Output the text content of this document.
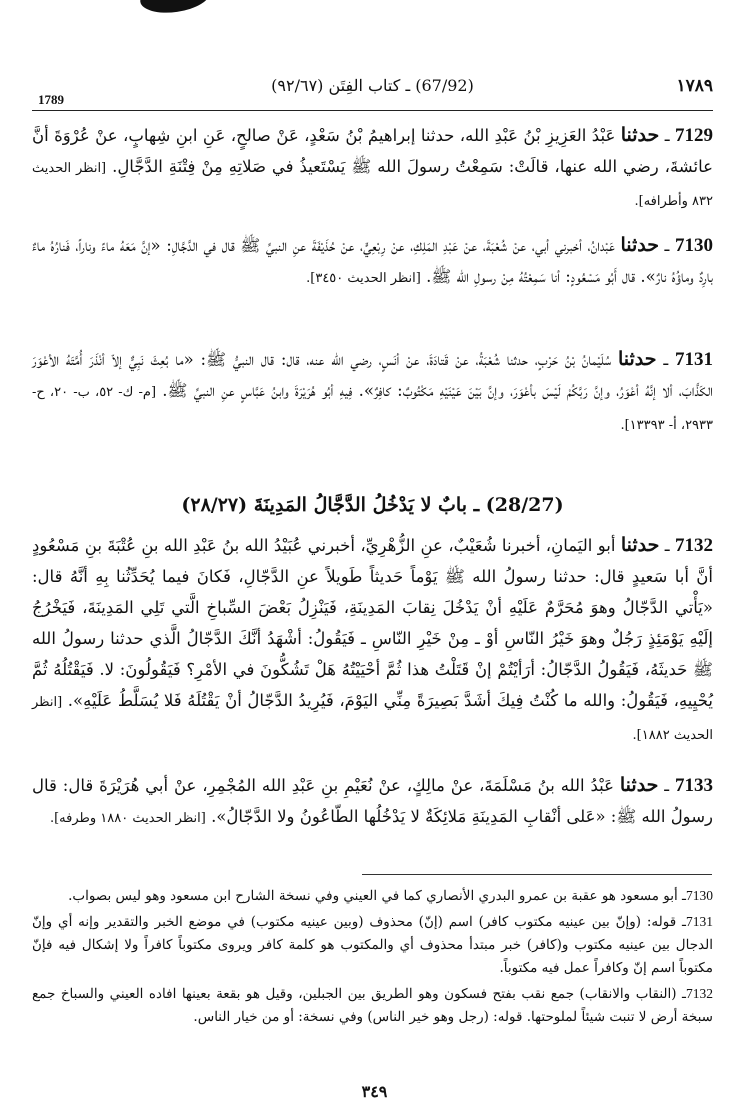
1789
(67/92) ـ كتاب الفِتَن (٩٢/٦٧)	١٧٨٩
7129 ـ حدثنا عَبْدُ العَزِيزِ بْنُ عَبْدِ الله، حدثنا إبراهيمُ بْنُ سَعْدٍ، عَنْ صالحٍ، عَنِ ابنِ شِهابٍ، عنْ عُرْوَةَ أنَّ عائشةَ، رضي الله عنها، قالَتْ: سَمِعْتُ رسولَ الله ﷺ يَسْتَعيذُ في صَلاتِهِ مِنْ فِتْنَةِ الدَّجَّالِ. [انظر الحديث ٨٣٢ وأطرافه].
7130 ـ حدثنا عَبْدانُ، أخبرني أبي، عنْ شُعْبَةَ، عنْ عَبْدِ المَلِكِ، عنْ رِبْعِيٍّ، عنْ حُذَيْفَةَ عنِ النبيِّ ﷺ قال في الدَّجَّالِ: «إنَّ مَعَهُ ماءً وناراً، فَنارُهُ ماءٌ بارِدٌ وماؤُهُ نارٌ». قال أَبُو مَسْعُودٍ: أنا سَمِعْتُهُ مِنْ رسولِ الله ﷺ. [انظر الحديث ٣٤٥٠].
7131 ـ حدثنا سُلَيْمانُ بْنُ حَرْبٍ، حدثنا شُعْبَةُ، عنْ قَتادَةَ، عنْ أنَسٍ، رضي الله عنه، قال: قال النبيُّ ﷺ: «ما بُعِثَ نَبِيٌّ إلاّ أنْذَرَ أُمَّتَهُ الأعْوَرَ الكَذَّابَ، ألا إنَّهُ أعْوَرُ، وإنَّ رَبَّكُمْ لَيْسَ بأعْوَرَ، وإنَّ بَيْنَ عَيْنَيْهِ مَكْتُوبٌ: كافِرٌ». فِيهِ أبُو هُرَيْرَةَ وابنُ عَبَّاسٍ عنِ النبيِّ ﷺ. [م- ك- ٥٢، ب- ٢٠، ح- ٢٩٣٣، أ- ١٣٣٩٣].
(28/27) ـ بابٌ لا يَدْخُلُ الدَّجَّالُ المَدِينَةَ (٢٨/٢٧)
7132 ـ حدثنا أبو اليَمانِ، أخبرنا شُعَيْبٌ، عنِ الزُّهْرِيِّ، أخبرني عُبَيْدُ الله بنُ عَبْدِ الله بنِ عُتْبَةَ بنِ مَسْعُودٍ أنَّ أبا سَعيدٍ قال: حدثنا رسولُ الله ﷺ يَوْماً حَديثاً طَويلاً عنِ الدَّجّالِ، فَكانَ فيما يُحَدِّثُنا بِهِ أنَّهُ قال: «يَأْتي الدَّجّالُ وهوَ مُحَرَّمٌ عَلَيْهِ أنْ يَدْخُلَ نِقابَ المَدِينَةِ، فَيَنْزِلُ بَعْضَ السِّباخِ الَّتي تَلِي المَدِينَةَ، فَيَخْرُجُ إلَيْهِ يَوْمَئِذٍ رَجُلٌ وهوَ خَيْرُ النّاسِ أوْ ـ مِنْ خَيْرِ النّاسِ ـ فَيَقُولُ: أشْهَدُ أنَّكَ الدَّجّالُ الَّذي حدثنا رسولُ الله ﷺ حَديثَهُ، فَيَقُولُ الدَّجّالُ: أرَأيْتُمْ إنْ قَتَلْتُ هذا ثُمَّ أحْيَيْتُهُ هَلْ تَشُكُّونَ في الأمْرِ؟ فَيَقُولُونَ: لا. فَيَقْتُلُهُ ثُمَّ يُحْيِيهِ، فَيَقُولُ: والله ما كُنْتُ فِيكَ أشَدَّ بَصِيرَةً مِنِّي اليَوْمَ، فَيُرِيدُ الدَّجّالُ أنْ يَقْتُلَهُ فَلا يُسَلَّطُ عَلَيْهِ». [انظر الحديث ١٨٨٢].
7133 ـ حدثنا عَبْدُ الله بنُ مَسْلَمَةَ، عنْ مالِكٍ، عنْ نُعَيْمِ بنِ عَبْدِ الله المُجْمِرِ، عنْ أبي هُرَيْرَةَ قال: قال رسولُ الله ﷺ: «عَلى أنْقابِ المَدِينَةِ مَلائِكَةٌ لا يَدْخُلُها الطّاعُونُ ولا الدَّجّالُ». [انظر الحديث ١٨٨٠ وطرفه].

7130ـ أبو مسعود هو عقبة بن عمرو البدري الأنصاري كما في العيني وفي نسخة الشارح ابن مسعود وهو ليس بصواب.

7131ـ قوله: (وإنّ بين عينيه مكتوب كافر) اسم (إنّ) محذوف (وبين عينيه مكتوب) في موضع الخبر والتقدير وإنه أي وإنّ الدجال بين عينيه مكتوب و(كافر) خبر مبتدأ محذوف أي والمكتوب هو كلمة كافر ويروى مكتوباً كافراً ولا إشكال فيه فإنّ مكتوباً اسم إنّ وكافراً عمل فيه مكتوباً.

7132ـ (النقاب والانقاب) جمع نقب بفتح فسكون وهو الطريق بين الجبلين، وقيل هو بقعة بعينها افاده العيني والسباخ جمع سبخة أرض لا تنبت شيئاً لملوحتها. قوله: (رجل وهو خير الناس) وفي نسخة: أو من خيار الناس.

٣٤٩
